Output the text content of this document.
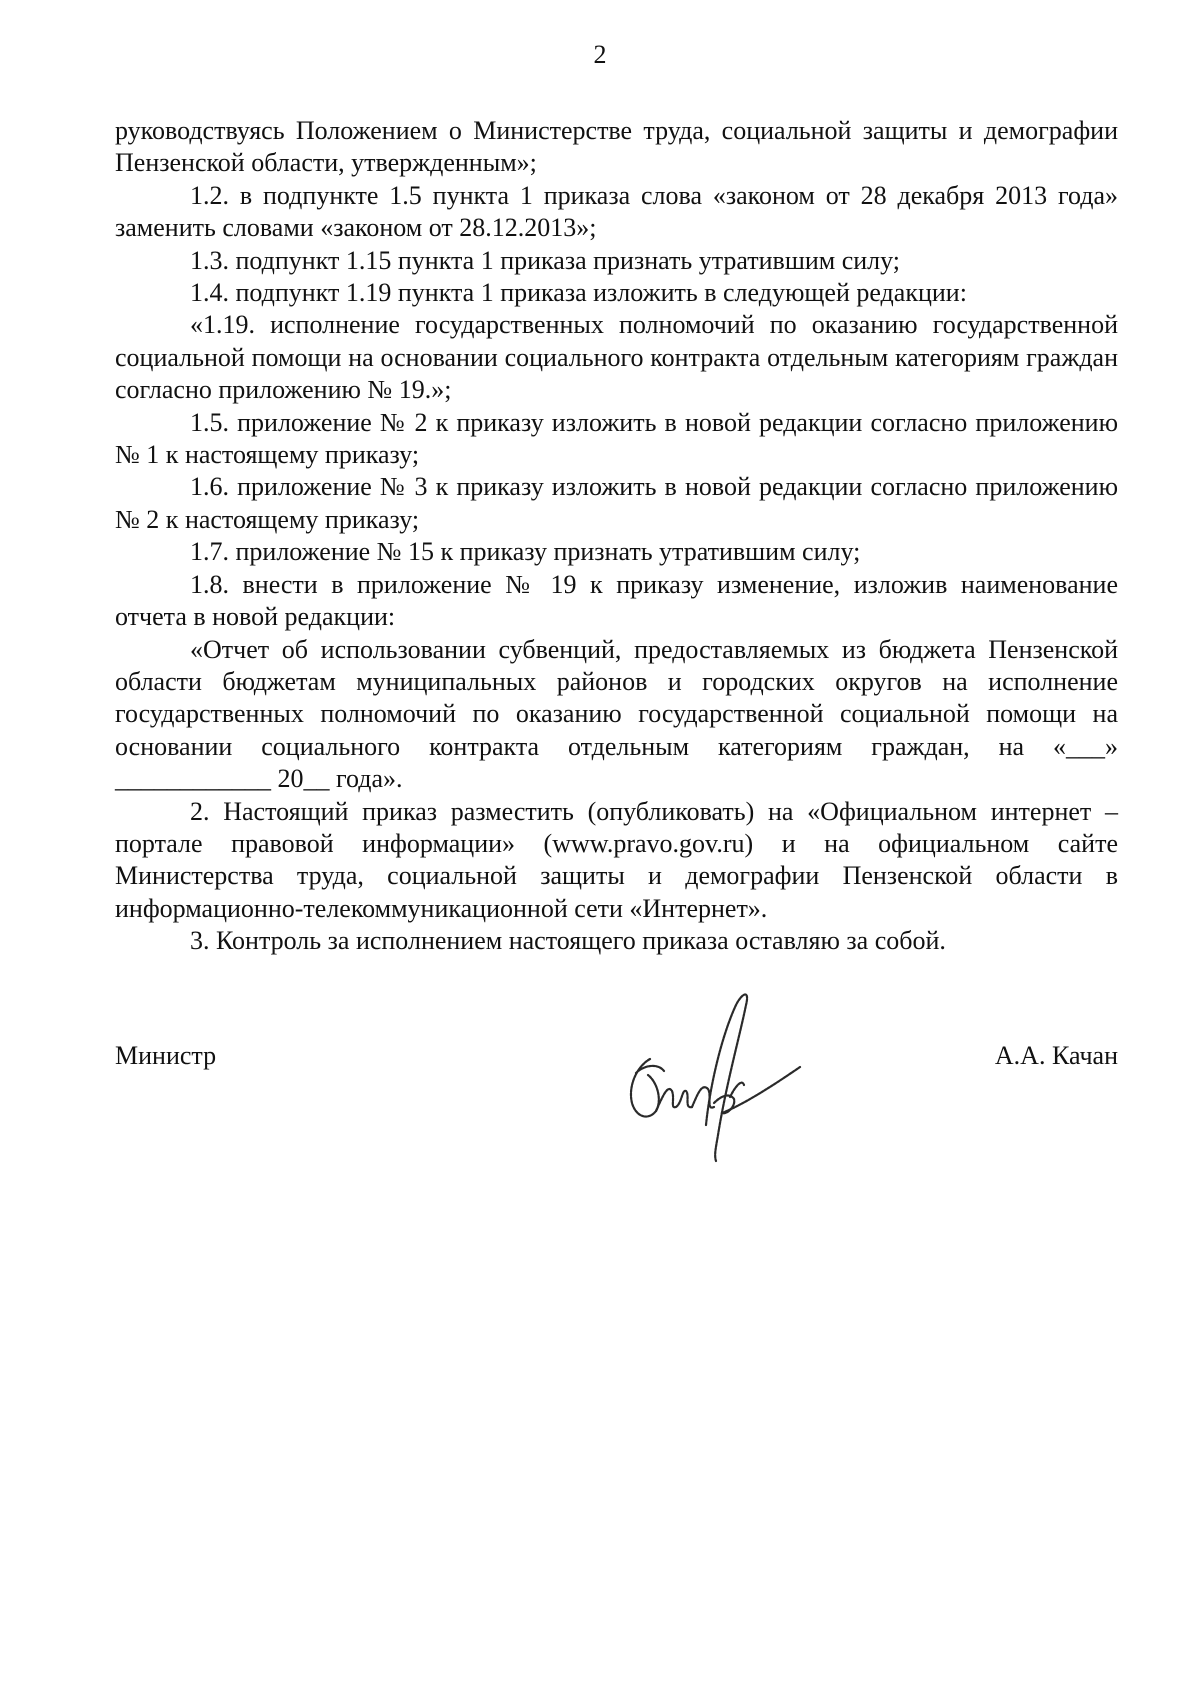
2

руководствуясь Положением о Министерстве труда, социальной защиты и демографии Пензенской области, утвержденным»;

1.2. в подпункте 1.5 пункта 1 приказа слова «законом от 28 декабря 2013 года» заменить словами «законом от 28.12.2013»;

1.3. подпункт 1.15 пункта 1 приказа признать утратившим силу;

1.4. подпункт 1.19 пункта 1 приказа изложить в следующей редакции:

«1.19. исполнение государственных полномочий по оказанию государственной социальной помощи на основании социального контракта отдельным категориям граждан согласно приложению № 19.»;

1.5. приложение № 2 к приказу изложить в новой редакции согласно приложению № 1 к настоящему приказу;

1.6. приложение № 3 к приказу изложить в новой редакции согласно приложению № 2 к настоящему приказу;

1.7. приложение № 15 к приказу признать утратившим силу;

1.8. внести в приложение № 19 к приказу изменение, изложив наименование отчета в новой редакции:

«Отчет об использовании субвенций, предоставляемых из бюджета Пензенской области бюджетам муниципальных районов и городских округов на исполнение государственных полномочий по оказанию государственной социальной помощи на основании социального контракта отдельным категориям граждан, на «___» ____________ 20__ года».

2. Настоящий приказ разместить (опубликовать) на «Официальном интернет – портале правовой информации» (www.pravo.gov.ru) и на официальном сайте Министерства труда, социальной защиты и демографии Пензенской области в информационно-телекоммуникационной сети «Интернет».

3. Контроль за исполнением настоящего приказа оставляю за собой.

Министр	А.А. Качан
